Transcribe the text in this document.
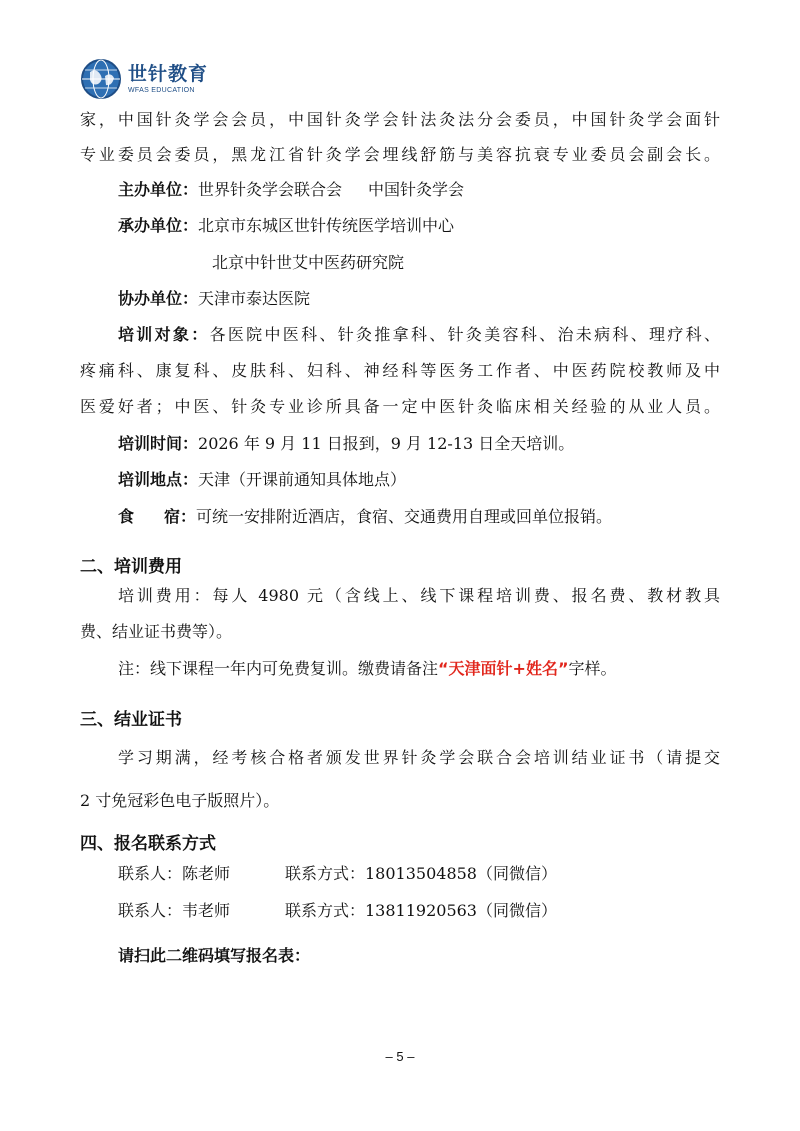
世针教育
WFAS EDUCATION
家，中国针灸学会会员，中国针灸学会针法灸法分会委员，中国针灸学会面针
专业委员会委员，黑龙江省针灸学会埋线舒筋与美容抗衰专业委员会副会长。
主办单位：世界针灸学会联合会 中国针灸学会
承办单位：北京市东城区世针传统医学培训中心
北京中针世艾中医药研究院
协办单位：天津市泰达医院
培训对象：各医院中医科、针灸推拿科、针灸美容科、治未病科、理疗科、
疼痛科、康复科、皮肤科、妇科、神经科等医务工作者、中医药院校教师及中
医爱好者；中医、针灸专业诊所具备一定中医针灸临床相关经验的从业人员。
培训时间：2026 年 9 月 11 日报到，9 月 12-13 日全天培训。
培训地点：天津（开课前通知具体地点）
食 宿：可统一安排附近酒店，食宿、交通费用自理或回单位报销。
二、培训费用
培训费用：每人 4980 元（含线上、线下课程培训费、报名费、教材教具
费、结业证书费等）。
注：线下课程一年内可免费复训。缴费请备注“天津面针+姓名”字样。
三、结业证书
学习期满，经考核合格者颁发世界针灸学会联合会培训结业证书（请提交
2 寸免冠彩色电子版照片）。
四、报名联系方式
联系人：陈老师	联系方式：18013504858（同微信）
联系人：韦老师	联系方式：13811920563（同微信）
请扫此二维码填写报名表：
– 5 –
